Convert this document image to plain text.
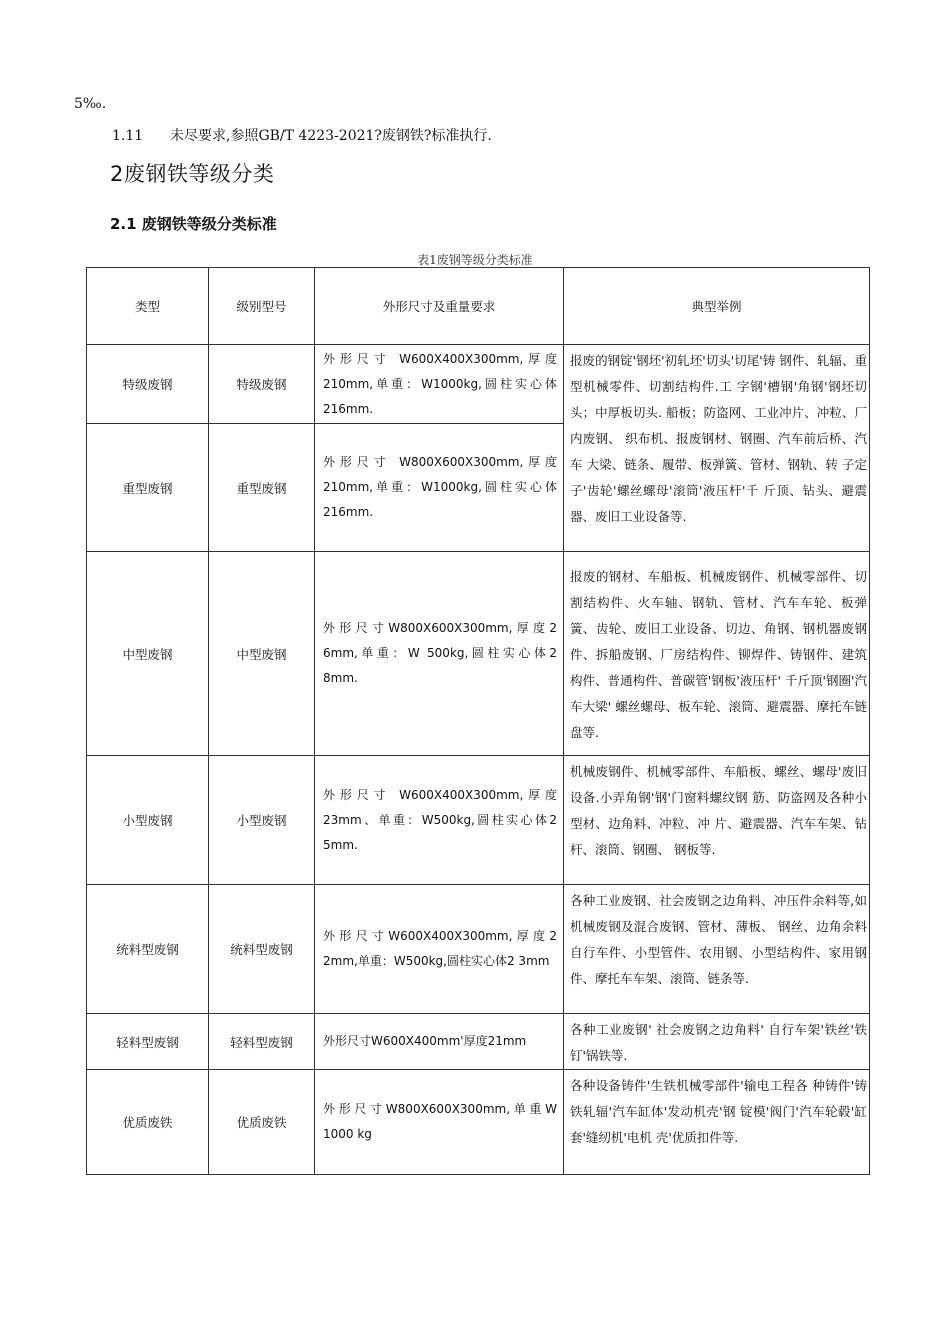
5‰.
1.11 未尽要求,参照GB/T 4223-2021?废钢铁?标准执行.
2废钢铁等级分类
2.1 废钢铁等级分类标准
表1废钢等级分类标准
类型	级别型号	外形尺寸及重量要求	典型举例
特级废钢	特级废钢	外形尺寸 W600X400X300mm,厚度 210mm,单重：W1000kg,圆柱实心体 216mm.	报废的钢锭'钢坯'初轧坯'切头'切尾'铸 钢件、轧辐、重型机械零件、切割结构件.工 字钢'槽钢'角钢'钢坯切头；中厚板切头. 船板；防盗网、工业冲片、冲粒、厂内废钢、 织布机、报废钢材、钢圈、汽车前后桥、汽车 大梁、链条、履带、板弹簧、管材、钢轨、转 子定子'齿轮'螺丝螺母'滚筒'液压杆'千 斤顶、钻头、避震器、废旧工业设备等.
重型废钢	重型废钢	外形尺寸 W800X600X300mm,厚度 210mm,单重：W1000kg,圆柱实心体 216mm.	
中型废钢	中型废钢	外形尺寸W800X600X300mm,厚度2 6mm,单重：W 500kg,圆柱实心体2 8mm.	报废的钢材、车船板、机械废钢件、机械零部件、切割结构件、火车轴、钢轨、管材、汽车车轮、板弹簧、齿轮、废旧工业设备、切边、角钢、钢机器废钢件、拆船废钢、厂房结构件、铆焊件、铸钢件、建筑构件、普通构件、普碳管'钢板'液压杆' 千斤顶'钢圈'汽车大梁' 螺丝螺母、板车轮、滚筒、避震器、摩托车链 盘等.
小型废钢	小型废钢	外形尺寸 W600X400X300mm,厚度 23mm、单重：W500kg,圆柱实心体2 5mm.	机械废钢件、机械零部件、车船板、螺丝、螺母'废旧设备.小弄角钢'钢'门窗料螺纹钢 筋、防盗网及各种小型材、边角料、冲粒、冲 片、避震器、汽车车架、钻杆、滚筒、钢圈、 钢板等.
统料型废钢	统料型废钢	外形尺寸W600X400X300mm,厚度2 2mm,单重：W500kg,圆柱实心体2 3mm	各种工业废钢、社会废钢之边角料、冲压件余料等,如机械废钢及混合废钢、管材、薄板、 钢丝、边角余料自行车件、小型管件、农用钢、小型结构件、家用钢件、摩托车车架、滚筒、链条等.
轻料型废钢	轻料型废钢	外形尺寸W600X400mm'厚度21mm	各种工业废钢' 社会废钢之边角料' 自行车架'铁丝'铁钉'锅铁等.
优质废铁	优质废铁	外形尺寸W800X600X300mm,单重W 1000 kg	各种设备铸件'生铁机械零部件'输电工程各 种铸件'铸铁轧辐'汽车缸体'发动机壳'钢 锭模'阀门'汽车轮毂'缸套'缝纫机'电机 壳'优质扣件等.
